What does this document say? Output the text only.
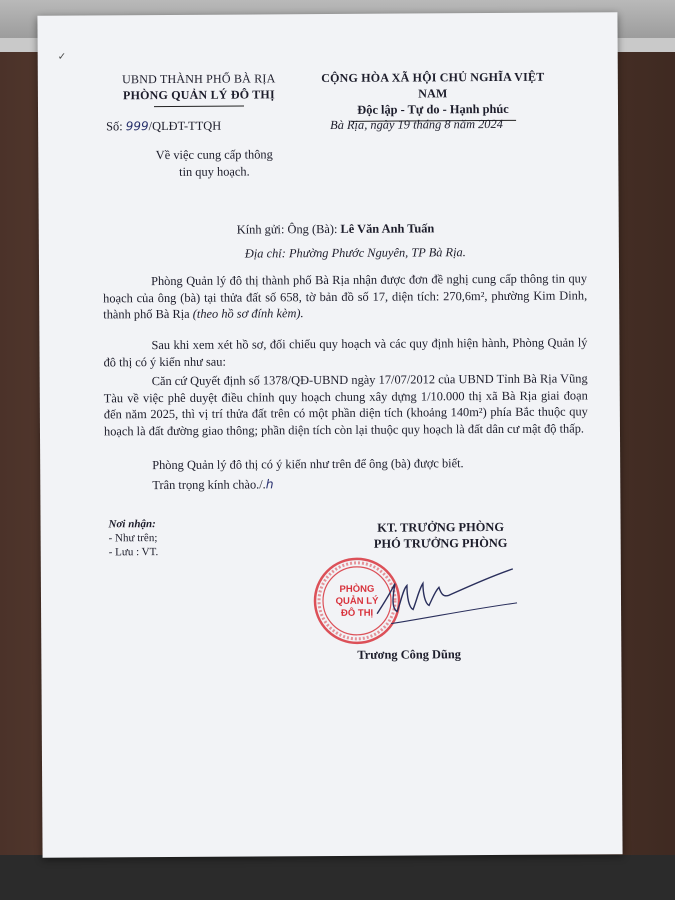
✓
UBND THÀNH PHỐ BÀ RỊA
PHÒNG QUẢN LÝ ĐÔ THỊ
CỘNG HÒA XÃ HỘI CHỦ NGHĨA VIỆT NAM
Độc lập - Tự do - Hạnh phúc
Số: 999/QLĐT-TTQH	Bà Rịa, ngày 19 tháng 8 năm 2024
Về việc cung cấp thông
tin quy hoạch.
Kính gửi: Ông (Bà): Lê Văn Anh Tuấn
Địa chỉ: Phường Phước Nguyên, TP Bà Rịa.

Phòng Quản lý đô thị thành phố Bà Rịa nhận được đơn đề nghị cung cấp thông tin quy hoạch của ông (bà) tại thửa đất số 658, tờ bản đồ số 17, diện tích: 270,6m², phường Kim Dinh, thành phố Bà Rịa (theo hồ sơ đính kèm).

Sau khi xem xét hồ sơ, đối chiếu quy hoạch và các quy định hiện hành, Phòng Quản lý đô thị có ý kiến như sau:

Căn cứ Quyết định số 1378/QĐ-UBND ngày 17/07/2012 của UBND Tỉnh Bà Rịa Vũng Tàu về việc phê duyệt điều chỉnh quy hoạch chung xây dựng 1/10.000 thị xã Bà Rịa giai đoạn đến năm 2025, thì vị trí thửa đất trên có một phần diện tích (khoảng 140m²) phía Bắc thuộc quy hoạch là đất đường giao thông; phần diện tích còn lại thuộc quy hoạch là đất dân cư mật độ thấp.

Phòng Quản lý đô thị có ý kiến như trên để ông (bà) được biết.

Trân trọng kính chào./.h

Nơi nhận:
- Như trên;
- Lưu : VT.
KT. TRƯỞNG PHÒNG
PHÓ TRƯỞNG PHÒNG
PHÒNG
QUẢN LÝ
ĐÔ THỊ
Trương Công Dũng
